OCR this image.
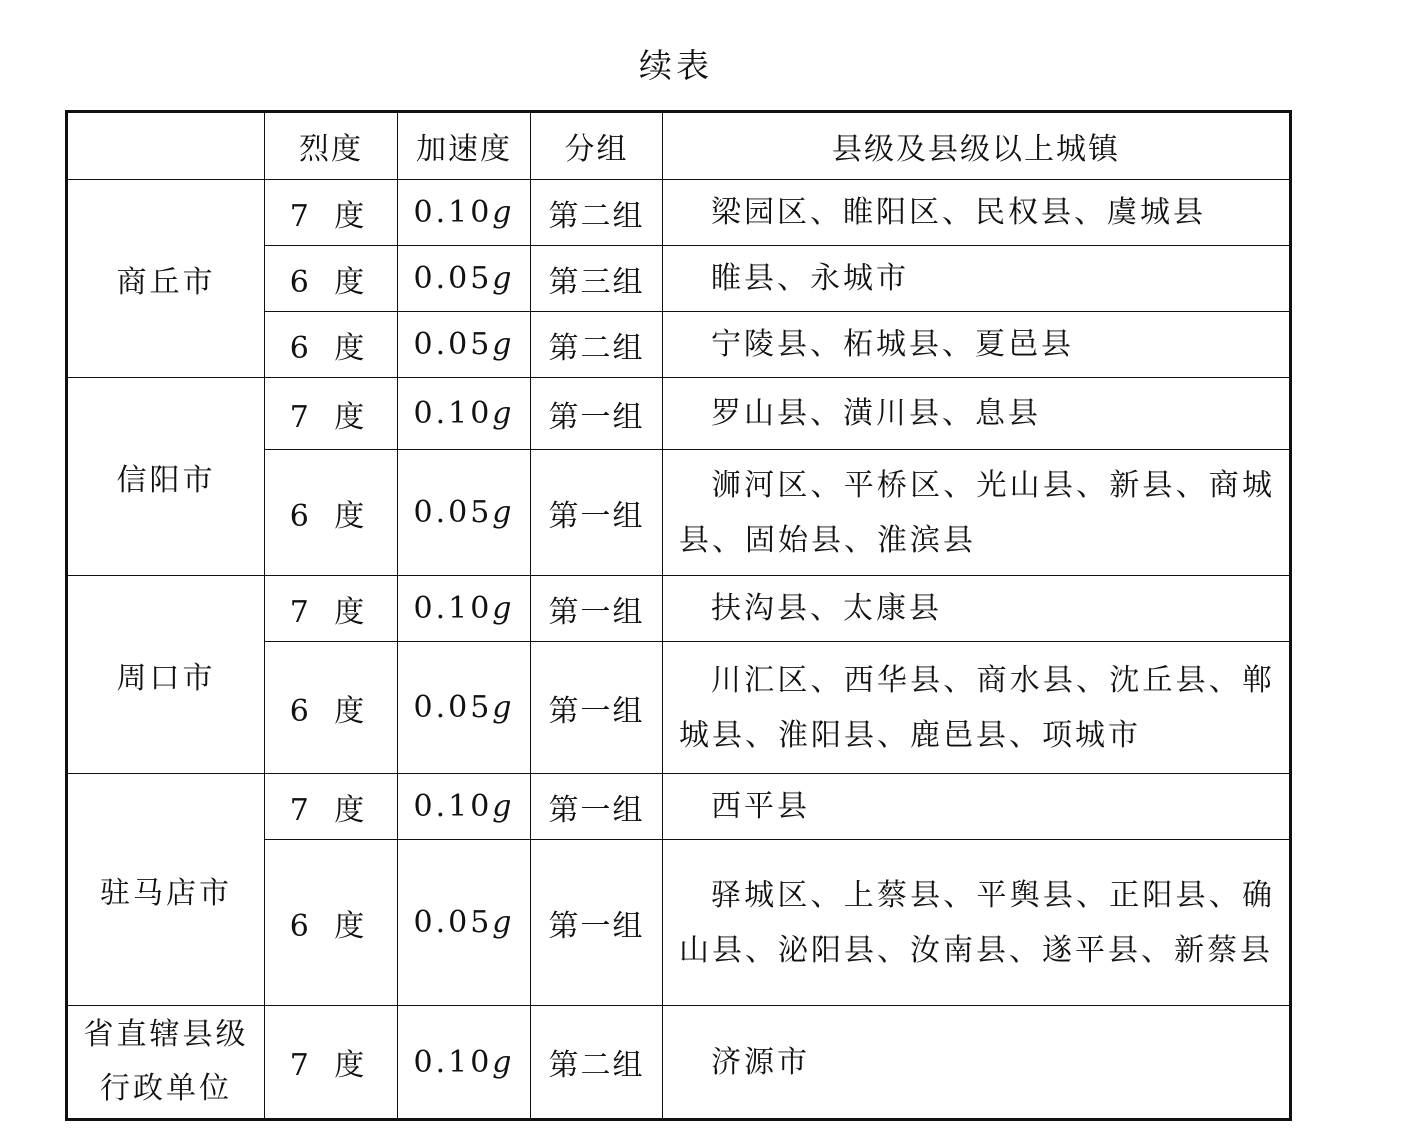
续表
	烈度	加速度	分组	县级及县级以上城镇
商丘市	7 度	0.10g	第二组	梁园区、睢阳区、民权县、虞城县

	6 度	0.05g	第三组	睢县、永城市

	6 度	0.05g	第二组	宁陵县、柘城县、夏邑县

信阳市	7 度	0.10g	第一组	罗山县、潢川县、息县

	6 度	0.05g	第一组	浉河区、平桥区、光山县、新县、商城县、固始县、淮滨县

周口市	7 度	0.10g	第一组	扶沟县、太康县

	6 度	0.05g	第一组	川汇区、西华县、商水县、沈丘县、郸城县、淮阳县、鹿邑县、项城市

驻马店市	7 度	0.10g	第一组	西平县

	6 度	0.05g	第一组	驿城区、上蔡县、平舆县、正阳县、确山县、泌阳县、汝南县、遂平县、新蔡县

省直辖县级
行政单位	7 度	0.10g	第二组	济源市
